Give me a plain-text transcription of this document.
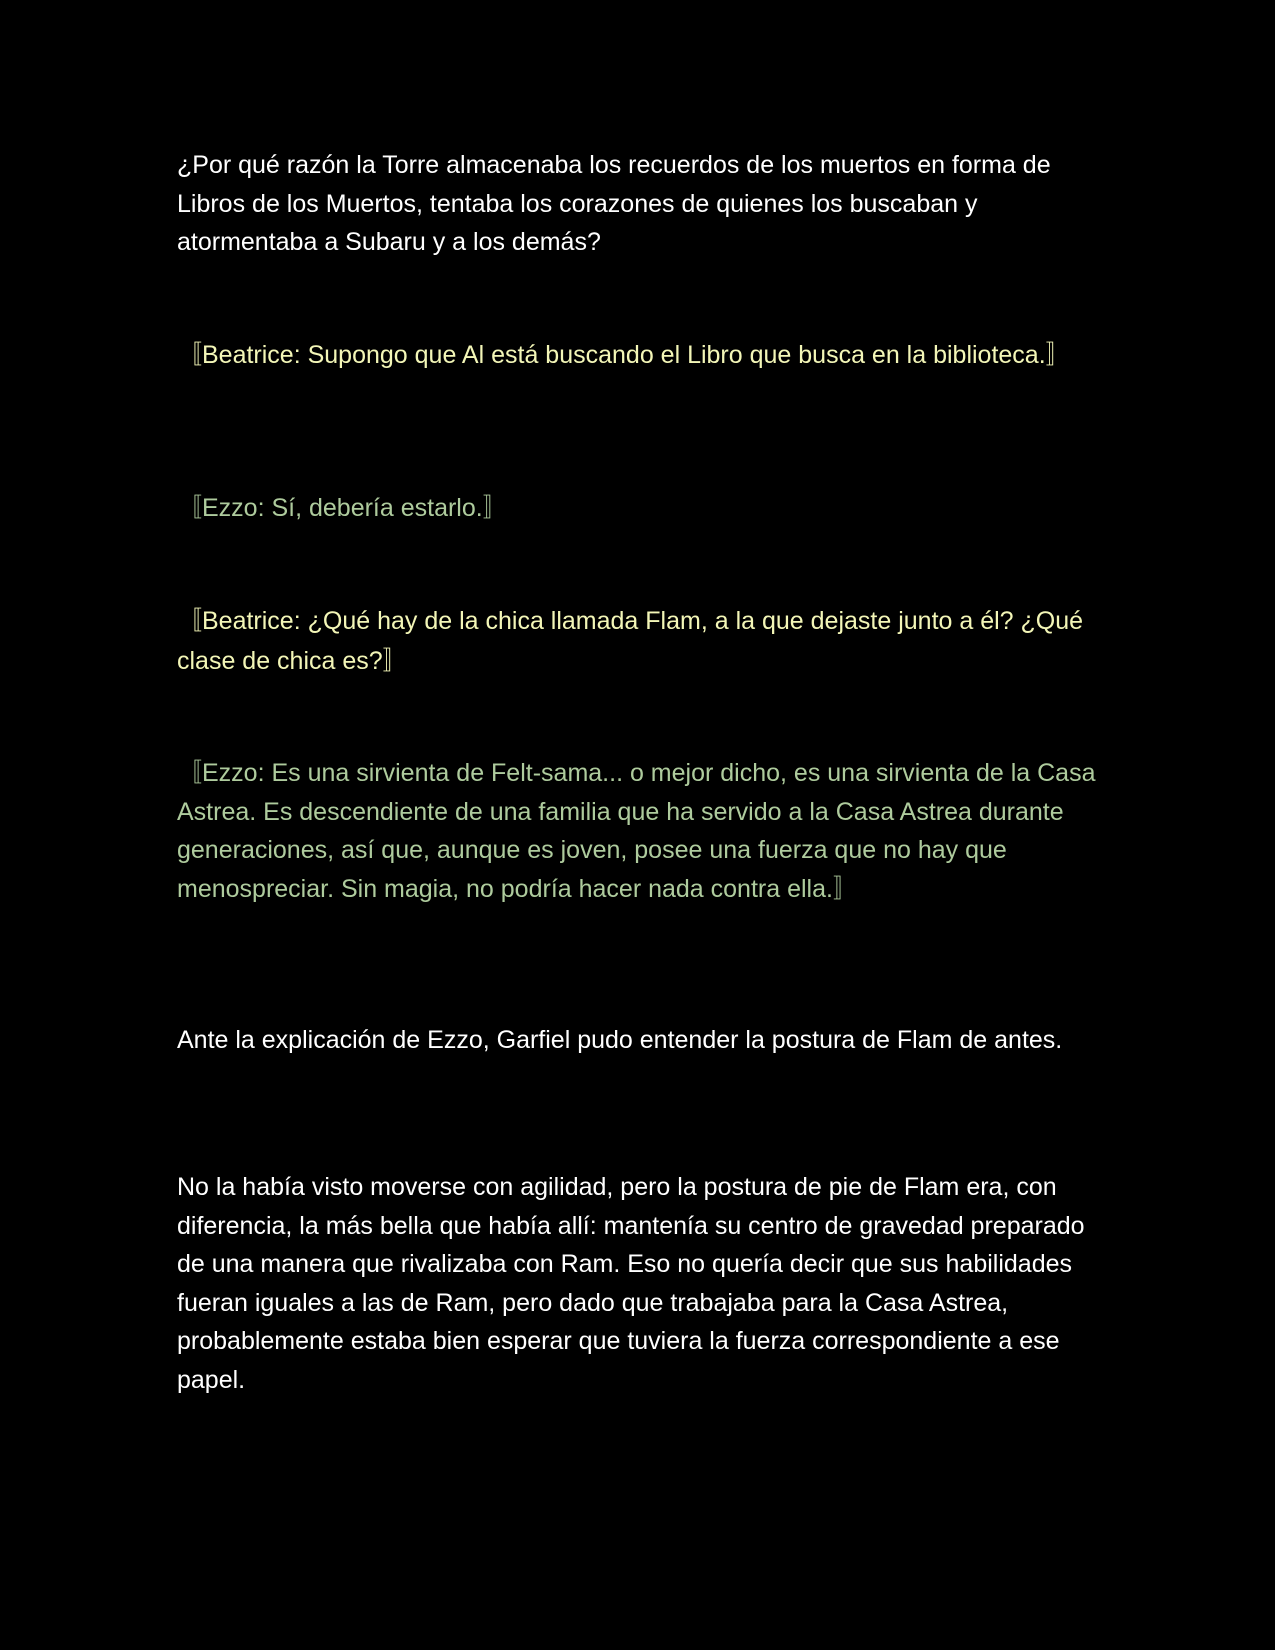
¿Por qué razón la Torre almacenaba los recuerdos de los muertos en forma de Libros de los Muertos, tentaba los corazones de quienes los buscaban y atormentaba a Subaru y a los demás?

〚Beatrice: Supongo que Al está buscando el Libro que busca en la biblioteca.〛

〚Ezzo: Sí, debería estarlo.〛

〚Beatrice: ¿Qué hay de la chica llamada Flam, a la que dejaste junto a él? ¿Qué clase de chica es?〛

〚Ezzo: Es una sirvienta de Felt-sama... o mejor dicho, es una sirvienta de la Casa Astrea. Es descendiente de una familia que ha servido a la Casa Astrea durante generaciones, así que, aunque es joven, posee una fuerza que no hay que menospreciar. Sin magia, no podría hacer nada contra ella.〛

Ante la explicación de Ezzo, Garfiel pudo entender la postura de Flam de antes.

No la había visto moverse con agilidad, pero la postura de pie de Flam era, con diferencia, la más bella que había allí: mantenía su centro de gravedad preparado de una manera que rivalizaba con Ram. Eso no quería decir que sus habilidades fueran iguales a las de Ram, pero dado que trabajaba para la Casa Astrea, probablemente estaba bien esperar que tuviera la fuerza correspondiente a ese papel.
